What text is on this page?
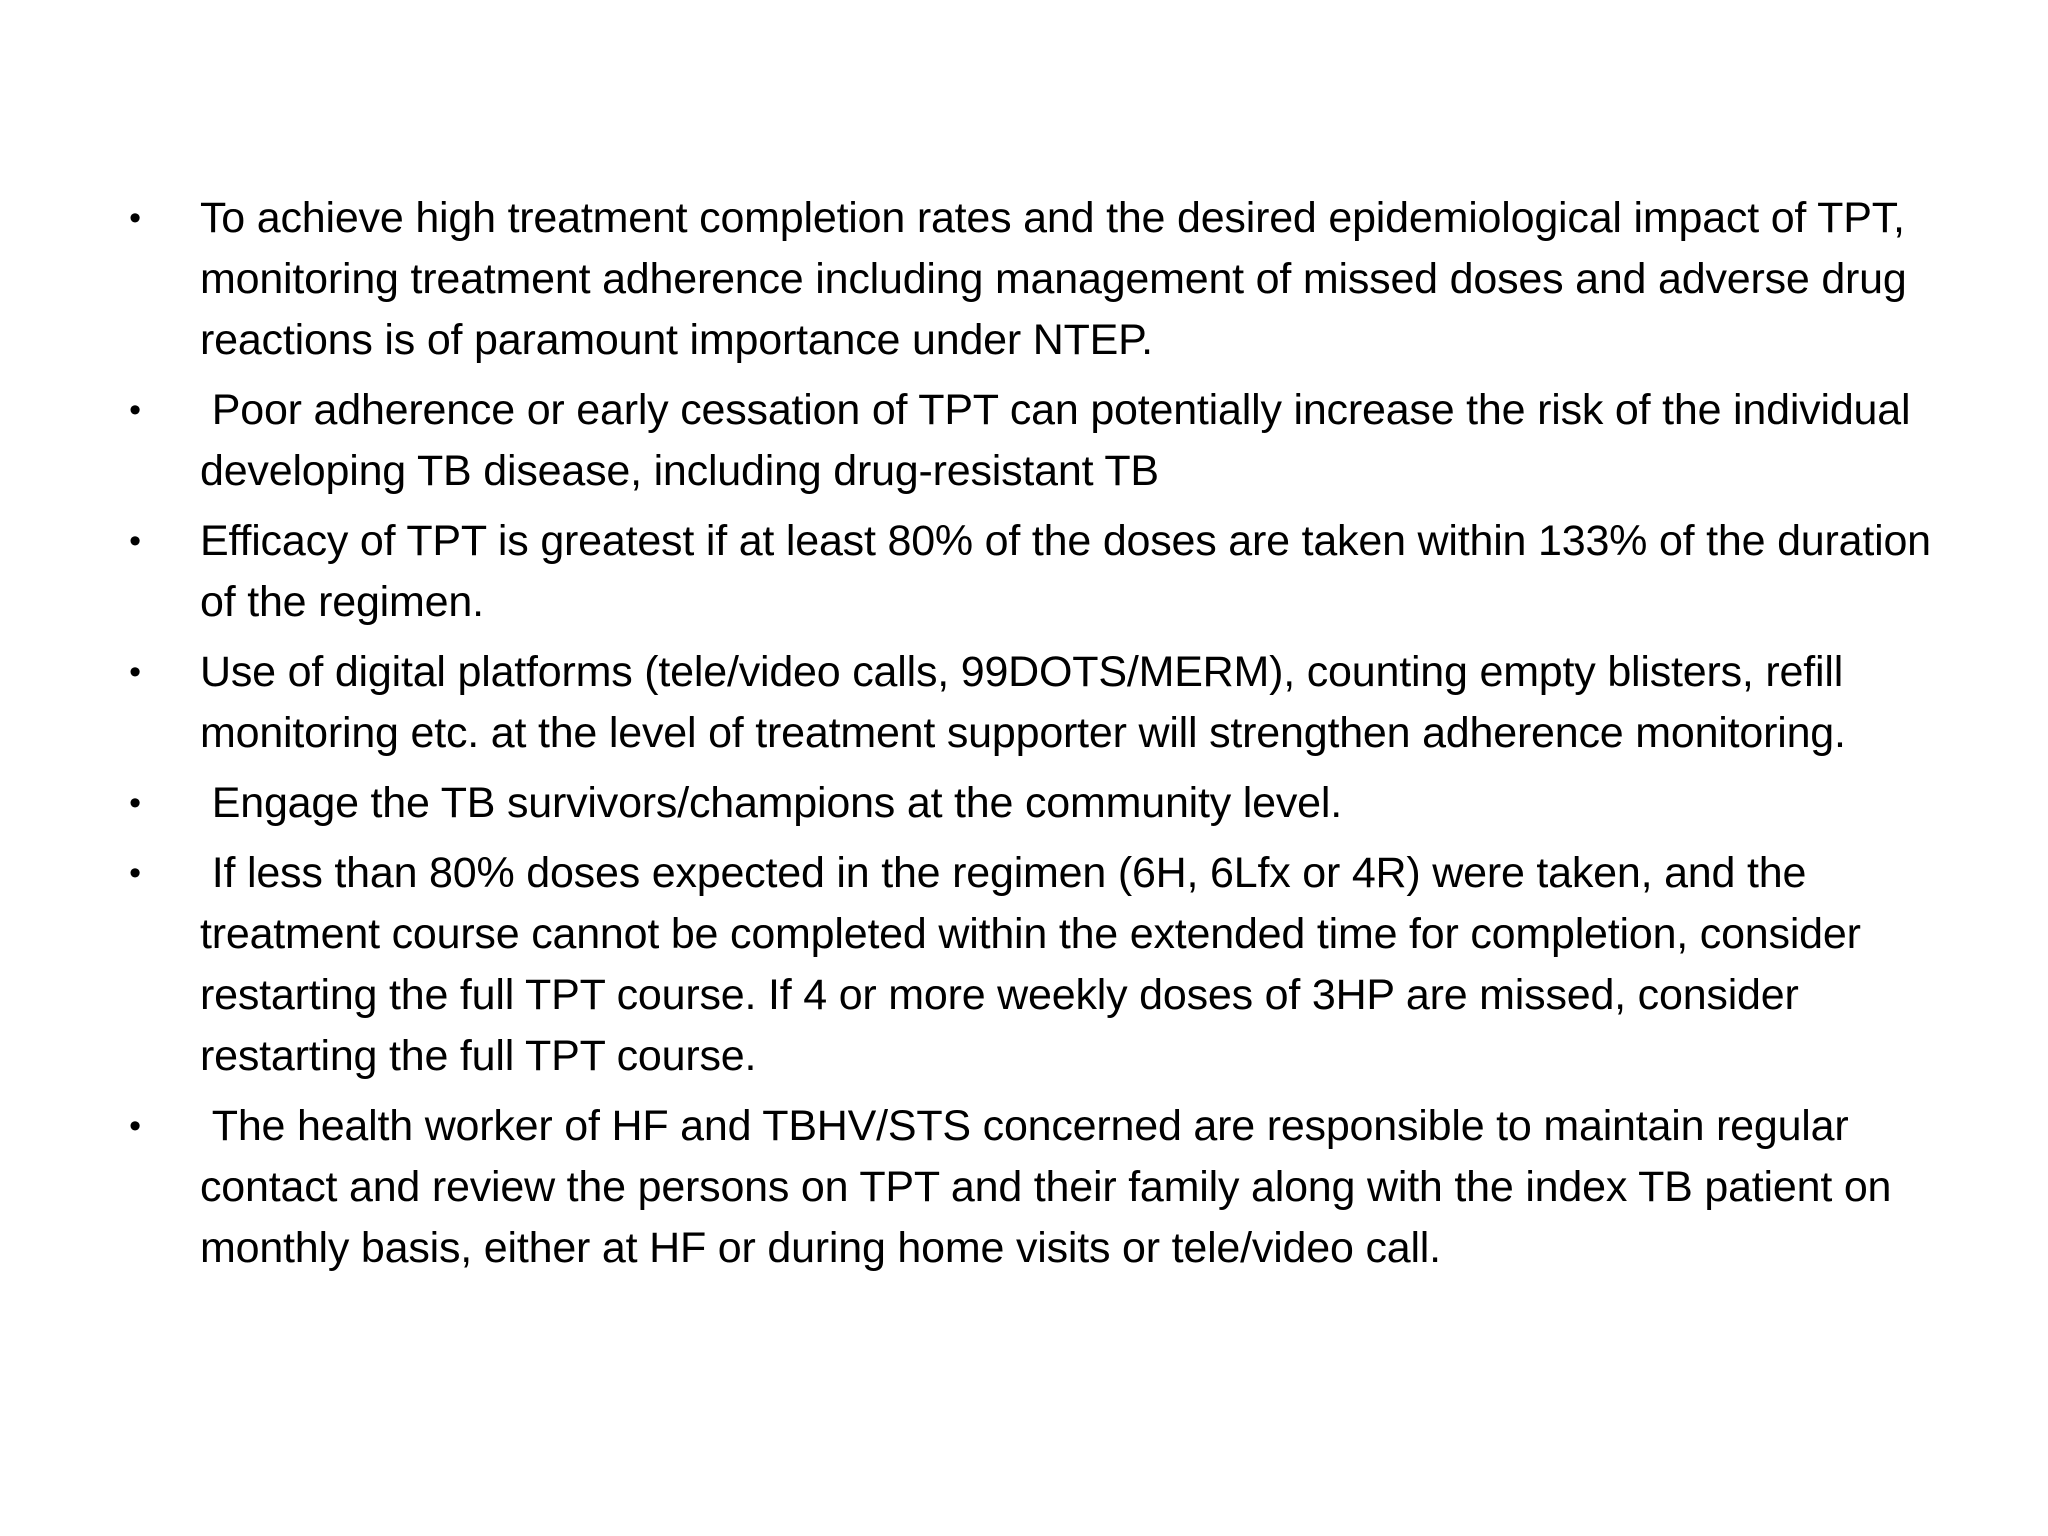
• To achieve high treatment completion rates and the desired epidemiological impact of TPT, monitoring treatment adherence including management of missed doses and adverse drug reactions is of paramount importance under NTEP.
• Poor adherence or early cessation of TPT can potentially increase the risk of the individual developing TB disease, including drug-resistant TB
• Efficacy of TPT is greatest if at least 80% of the doses are taken within 133% of the duration of the regimen.
• Use of digital platforms (tele/video calls, 99DOTS/MERM), counting empty blisters, refill monitoring etc. at the level of treatment supporter will strengthen adherence monitoring.
• Engage the TB survivors/champions at the community level.
• If less than 80% doses expected in the regimen (6H, 6Lfx or 4R) were taken, and the treatment course cannot be completed within the extended time for completion, consider restarting the full TPT course. If 4 or more weekly doses of 3HP are missed, consider restarting the full TPT course.
• The health worker of HF and TBHV/STS concerned are responsible to maintain regular contact and review the persons on TPT and their family along with the index TB patient on monthly basis, either at HF or during home visits or tele/video call.
